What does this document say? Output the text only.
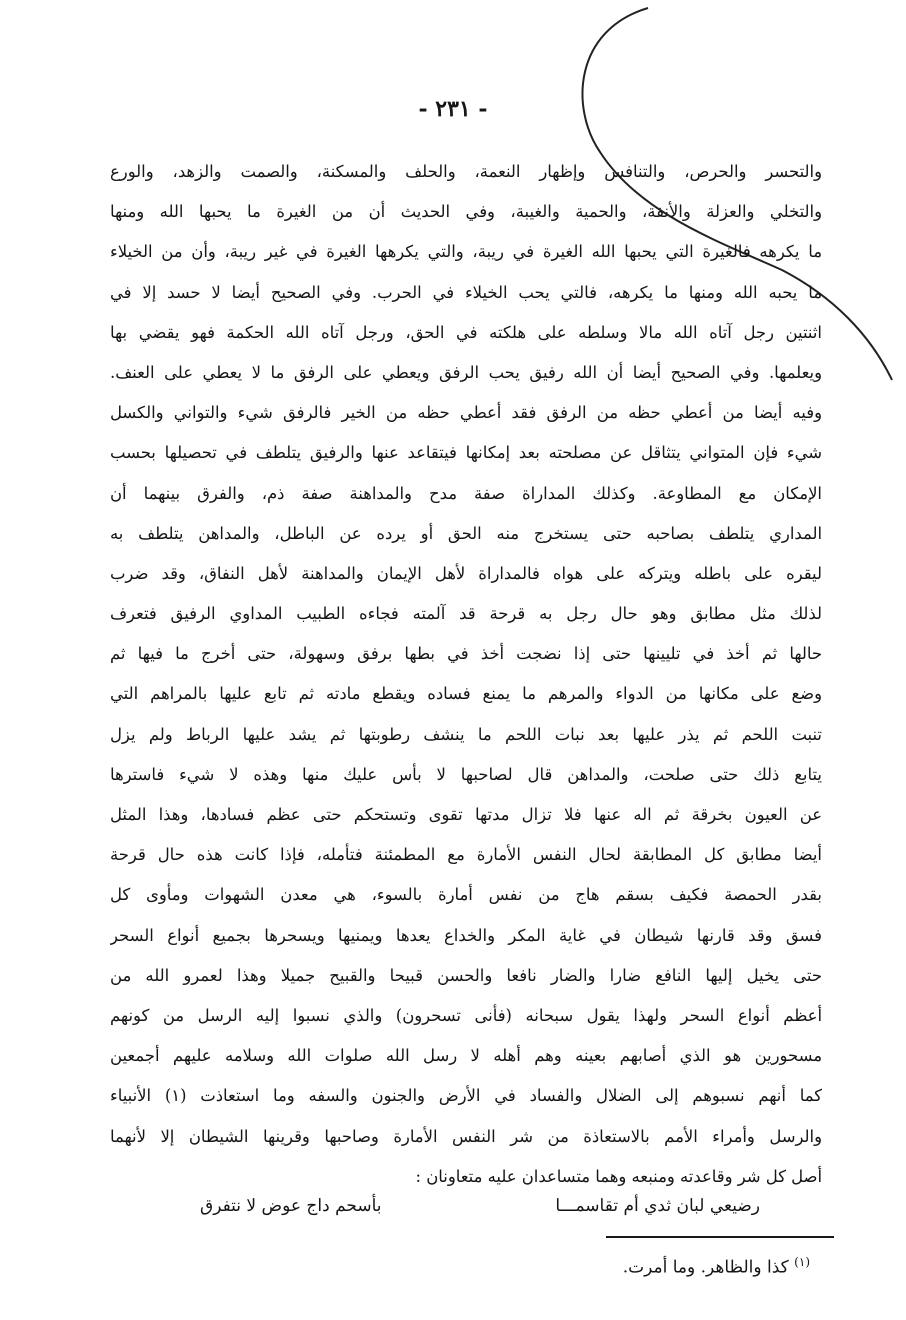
- ٢٣١ -
والتحسر والحرص، والتنافس وإظهار النعمة، والحلف والمسكنة، والصمت والزهد، والورع
والتخلي والعزلة والأنفة، والحمية والغيبة، وفي الحديث أن من الغيرة ما يحبها الله ومنها
ما يكرهه فالغيرة التي يحبها الله الغيرة في ريبة، والتي يكرهها الغيرة في غير ريبة، وأن من الخيلاء
ما يحبه الله ومنها ما يكرهه، فالتي يحب الخيلاء في الحرب. وفي الصحيح أيضا لا حسد إلا في
اثنتين رجل آتاه الله مالا وسلطه على هلكته في الحق، ورجل آتاه الله الحكمة فهو يقضي بها
ويعلمها. وفي الصحيح أيضا أن الله رفيق يحب الرفق ويعطي على الرفق ما لا يعطي على العنف.
وفيه أيضا من أعطي حظه من الرفق فقد أعطي حظه من الخير فالرفق شيء والتواني والكسل
شيء فإن المتواني يتثاقل عن مصلحته بعد إمكانها فيتقاعد عنها والرفيق يتلطف في تحصيلها بحسب
الإمكان مع المطاوعة. وكذلك المداراة صفة مدح والمداهنة صفة ذم، والفرق بينهما أن
المداري يتلطف بصاحبه حتى يستخرج منه الحق أو يرده عن الباطل، والمداهن يتلطف به
ليقره على باطله ويتركه على هواه فالمداراة لأهل الإيمان والمداهنة لأهل النفاق، وقد ضرب
لذلك مثل مطابق وهو حال رجل به قرحة قد آلمته فجاءه الطبيب المداوي الرفيق فتعرف
حالها ثم أخذ في تليينها حتى إذا نضجت أخذ في بطها برفق وسهولة، حتى أخرج ما فيها ثم
وضع على مكانها من الدواء والمرهم ما يمنع فساده ويقطع مادته ثم تابع عليها بالمراهم التي
تنبت اللحم ثم يذر عليها بعد نبات اللحم ما ينشف رطوبتها ثم يشد عليها الرباط ولم يزل
يتابع ذلك حتى صلحت، والمداهن قال لصاحبها لا بأس عليك منها وهذه لا شيء فاسترها
عن العيون بخرقة ثم اله عنها فلا تزال مدتها تقوى وتستحكم حتى عظم فسادها، وهذا المثل
أيضا مطابق كل المطابقة لحال النفس الأمارة مع المطمئنة فتأمله، فإذا كانت هذه حال قرحة
بقدر الحمصة فكيف بسقم هاج من نفس أمارة بالسوء، هي معدن الشهوات ومأوى كل
فسق وقد قارنها شيطان في غاية المكر والخداع يعدها ويمنيها ويسحرها بجميع أنواع السحر
حتى يخيل إليها النافع ضارا والضار نافعا والحسن قبيحا والقبيح جميلا وهذا لعمرو الله من
أعظم أنواع السحر ولهذا يقول سبحانه (فأنى تسحرون) والذي نسبوا إليه الرسل من كونهم
مسحورين هو الذي أصابهم بعينه وهم أهله لا رسل الله صلوات الله وسلامه عليهم أجمعين
كما أنهم نسبوهم إلى الضلال والفساد في الأرض والجنون والسفه وما استعاذت (١) الأنبياء
والرسل وأمراء الأمم بالاستعاذة من شر النفس الأمارة وصاحبها وقرينها الشيطان إلا لأنهما
أصل كل شر وقاعدته ومنبعه وهما متساعدان عليه متعاونان :
رضيعي لبان ثدي أم تقاسمـــا
بأسحم داج عوض لا نتفرق
$^{(١)}$ كذا والظاهر. وما أمرت.
